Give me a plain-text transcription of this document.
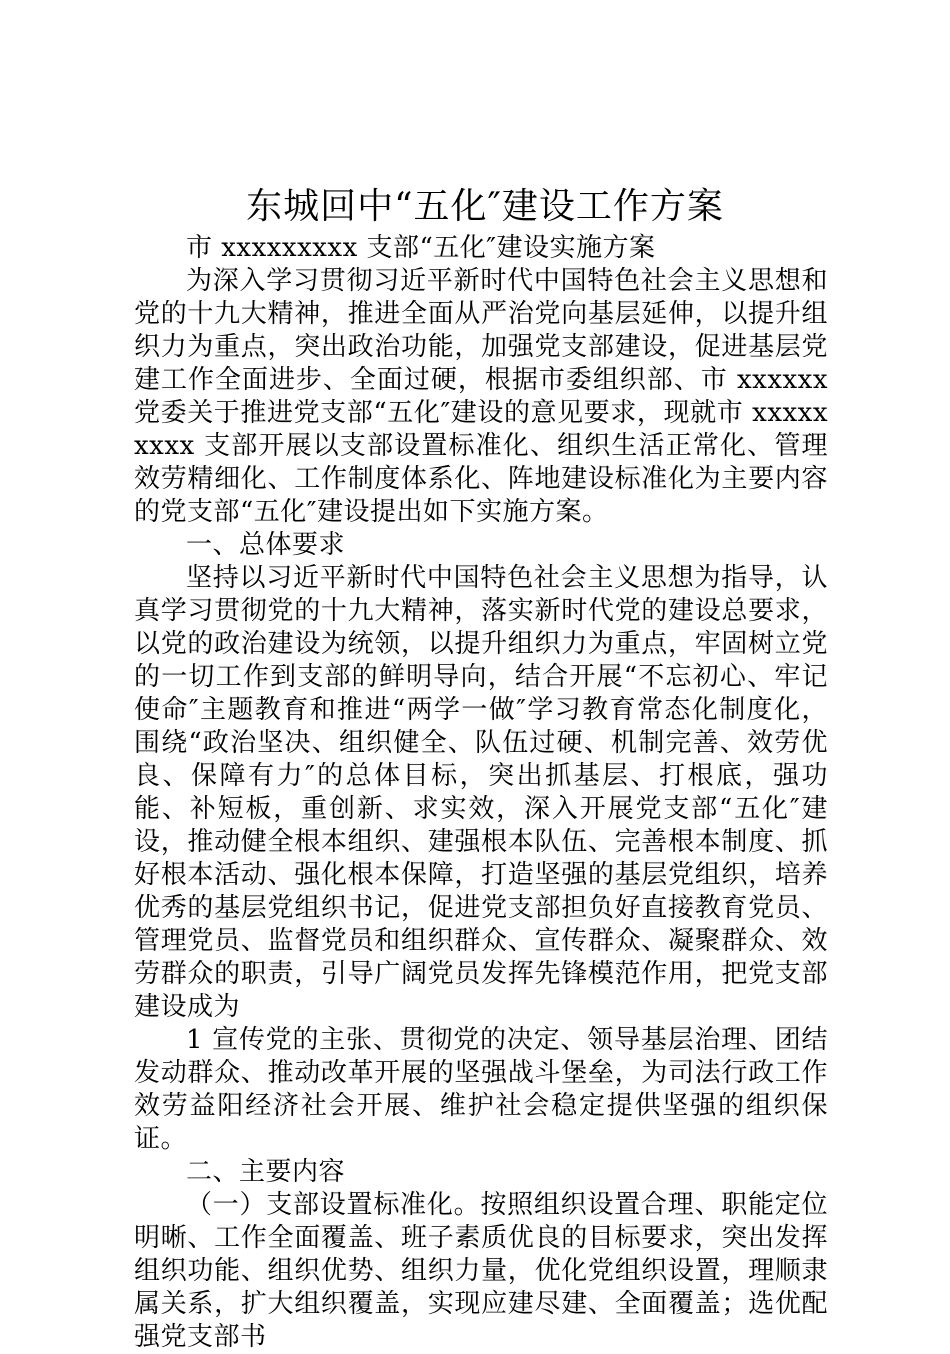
东城回中“五化″建设工作方案

市 xxxxxxxxx 支部“五化″建设实施方案

为深入学习贯彻习近平新时代中国特色社会主义思想和党的十九大精神，推进全面从严治党向基层延伸，以提升组织力为重点，突出政治功能，加强党支部建设，促进基层党建工作全面进步、全面过硬，根据市委组织部、市 xxxxxx 党委关于推进党支部“五化″建设的意见要求，现就市 xxxxxxxxx 支部开展以支部设置标准化、组织生活正常化、管理效劳精细化、工作制度体系化、阵地建设标准化为主要内容的党支部“五化″建设提出如下实施方案。

一、总体要求

坚持以习近平新时代中国特色社会主义思想为指导，认真学习贯彻党的十九大精神，落实新时代党的建设总要求，以党的政治建设为统领，以提升组织力为重点，牢固树立党的一切工作到支部的鲜明导向，结合开展“不忘初心、牢记使命″主题教育和推进“两学一做″学习教育常态化制度化，围绕“政治坚决、组织健全、队伍过硬、机制完善、效劳优良、保障有力″的总体目标，突出抓基层、打根底，强功能、补短板，重创新、求实效，深入开展党支部“五化″建设，推动健全根本组织、建强根本队伍、完善根本制度、抓好根本活动、强化根本保障，打造坚强的基层党组织，培养优秀的基层党组织书记，促进党支部担负好直接教育党员、管理党员、监督党员和组织群众、宣传群众、凝聚群众、效劳群众的职责，引导广阔党员发挥先锋模范作用，把党支部建设成为

1 宣传党的主张、贯彻党的决定、领导基层治理、团结发动群众、推动改革开展的坚强战斗堡垒，为司法行政工作效劳益阳经济社会开展、维护社会稳定提供坚强的组织保证。

二、主要内容

（一）支部设置标准化。按照组织设置合理、职能定位明晰、工作全面覆盖、班子素质优良的目标要求，突出发挥组织功能、组织优势、组织力量，优化党组织设置，理顺隶属关系，扩大组织覆盖，实现应建尽建、全面覆盖；选优配强党支部书
